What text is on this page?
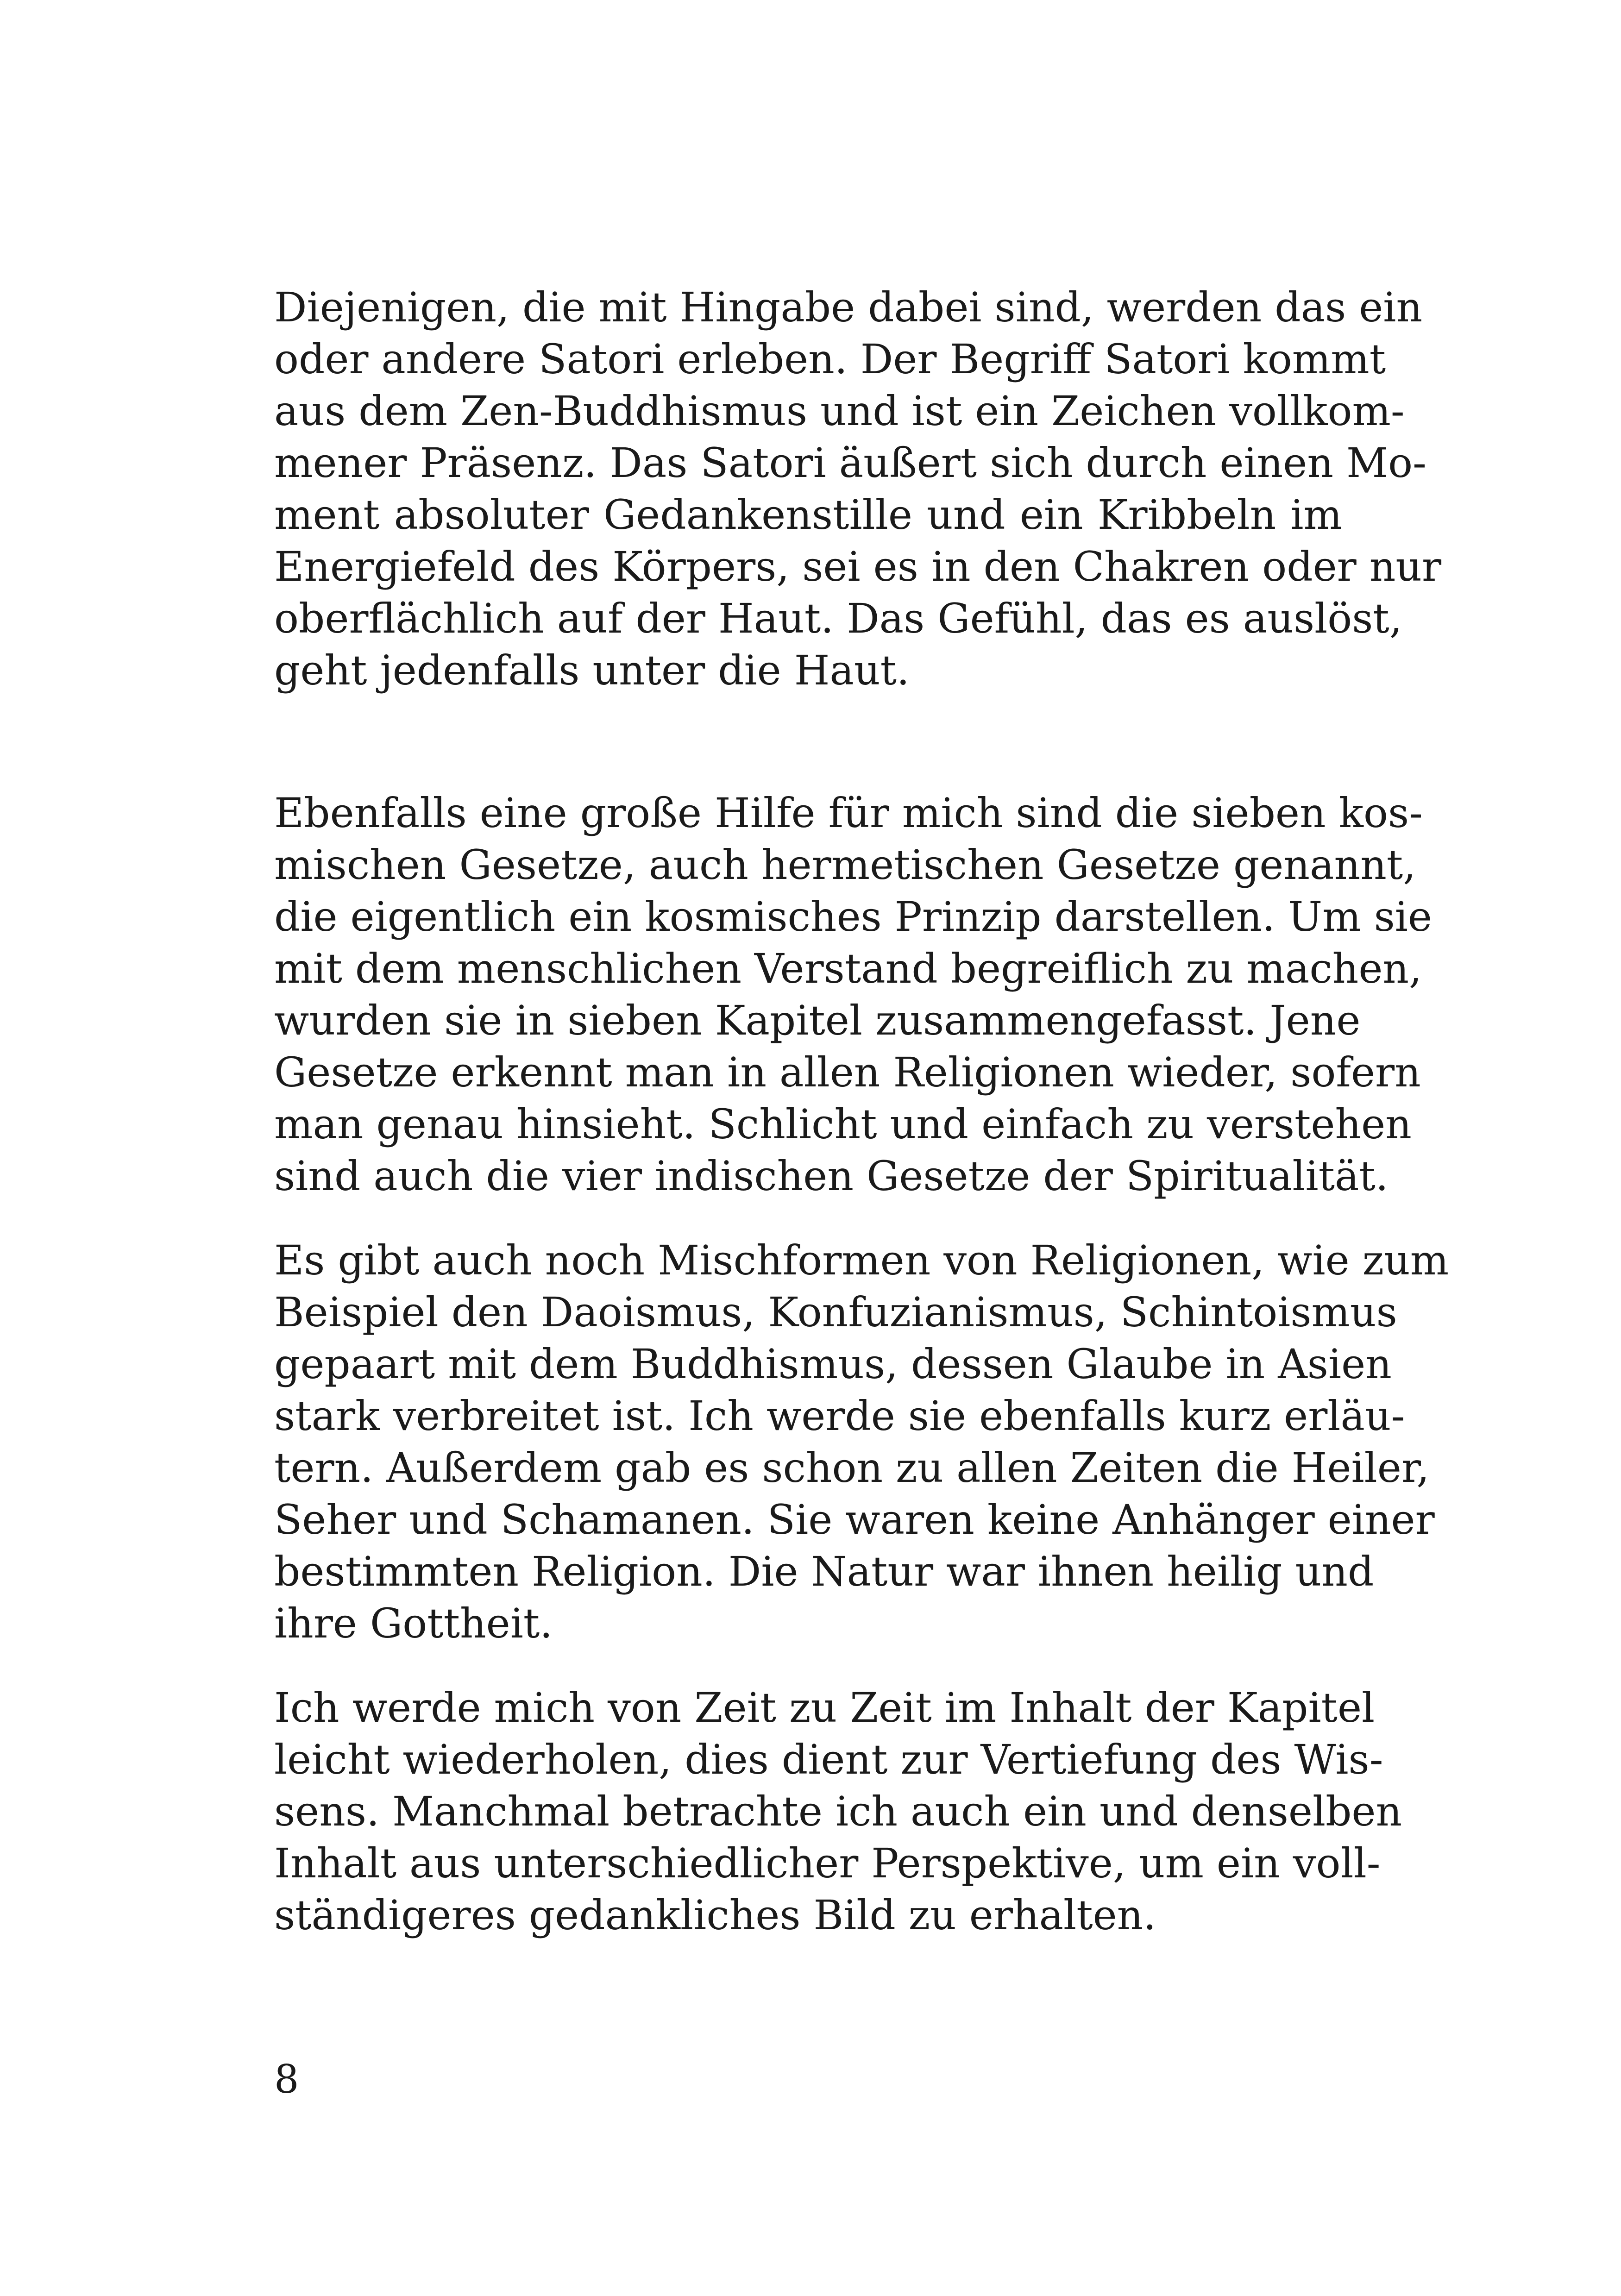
Diejenigen, die mit Hingabe dabei sind, werden das ein
oder andere Satori erleben. Der Begriff Satori kommt
aus dem Zen-Buddhismus und ist ein Zeichen vollkom-
mener Präsenz. Das Satori äußert sich durch einen Mo-
ment absoluter Gedankenstille und ein Kribbeln im
Energiefeld des Körpers, sei es in den Chakren oder nur
oberflächlich auf der Haut. Das Gefühl, das es auslöst,
geht jedenfalls unter die Haut.
Ebenfalls eine große Hilfe für mich sind die sieben kos-
mischen Gesetze, auch hermetischen Gesetze genannt,
die eigentlich ein kosmisches Prinzip darstellen. Um sie
mit dem menschlichen Verstand begreiflich zu machen,
wurden sie in sieben Kapitel zusammengefasst. Jene
Gesetze erkennt man in allen Religionen wieder, sofern
man genau hinsieht. Schlicht und einfach zu verstehen
sind auch die vier indischen Gesetze der Spiritualität.
Es gibt auch noch Mischformen von Religionen, wie zum
Beispiel den Daoismus, Konfuzianismus, Schintoismus
gepaart mit dem Buddhismus, dessen Glaube in Asien
stark verbreitet ist. Ich werde sie ebenfalls kurz erläu-
tern. Außerdem gab es schon zu allen Zeiten die Heiler,
Seher und Schamanen. Sie waren keine Anhänger einer
bestimmten Religion. Die Natur war ihnen heilig und
ihre Gottheit.
Ich werde mich von Zeit zu Zeit im Inhalt der Kapitel
leicht wiederholen, dies dient zur Vertiefung des Wis-
sens. Manchmal betrachte ich auch ein und denselben
Inhalt aus unterschiedlicher Perspektive, um ein voll-
ständigeres gedankliches Bild zu erhalten.
8
